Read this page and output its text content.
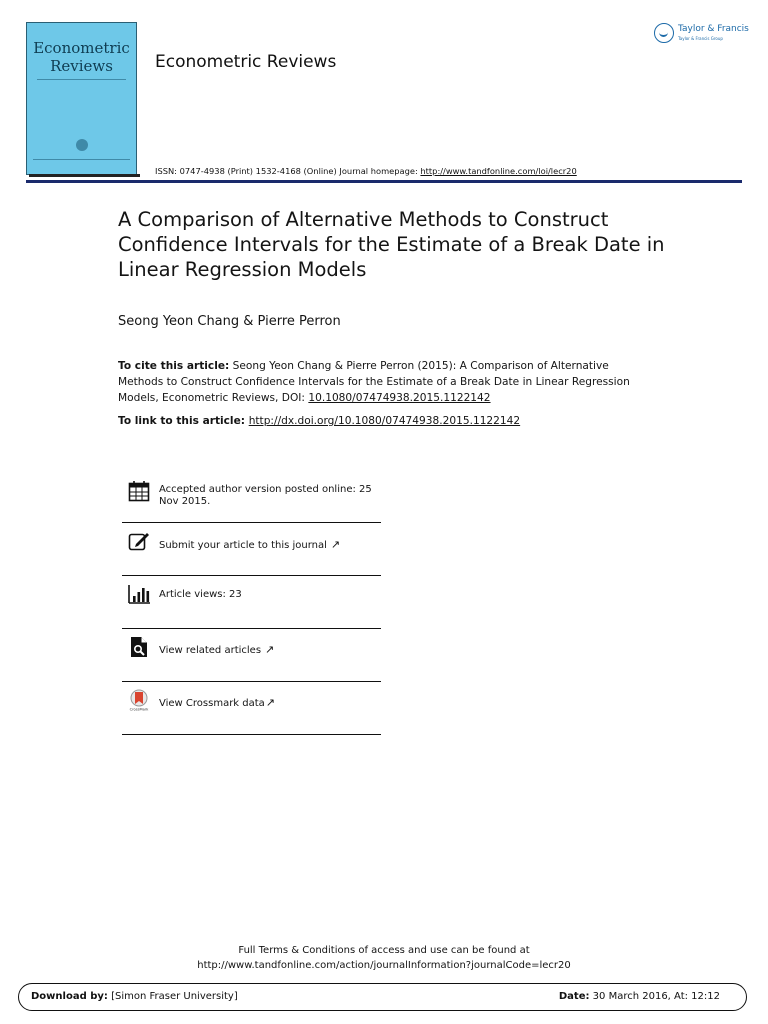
Econometric
Reviews	Econometric Reviews
Taylor & Francis
Taylor & Francis Group
ISSN: 0747-4938 (Print) 1532-4168 (Online) Journal homepage: http://www.tandfonline.com/loi/lecr20
A Comparison of Alternative Methods to Construct Confidence Intervals for the Estimate of a Break Date in Linear Regression Models
Seong Yeon Chang & Pierre Perron
To cite this article: Seong Yeon Chang & Pierre Perron (2015): A Comparison of Alternative Methods to Construct Confidence Intervals for the Estimate of a Break Date in Linear Regression Models, Econometric Reviews, DOI: 10.1080/07474938.2015.1122142
To link to this article: http://dx.doi.org/10.1080/07474938.2015.1122142
Accepted author version posted online: 25 Nov 2015.
Submit your article to this journal ↗
Article views: 23
View related articles ↗
CrossMark
View Crossmark data↗
Full Terms & Conditions of access and use can be found at
http://www.tandfonline.com/action/journalInformation?journalCode=lecr20
Download by: [Simon Fraser University]	Date: 30 March 2016, At: 12:12
